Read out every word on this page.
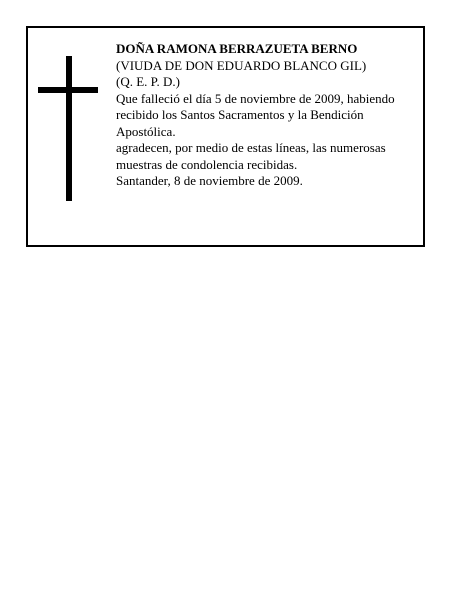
DOÑA RAMONA BERRAZUETA BERNO

(VIUDA DE DON EDUARDO BLANCO GIL)

(Q. E. P. D.)

Que falleció el día 5 de noviembre de 2009, habiendo recibido los Santos Sacramentos y la Bendición Apostólica.

agradecen, por medio de estas líneas, las numerosas muestras de condolencia recibidas.

Santander, 8 de noviembre de 2009.
